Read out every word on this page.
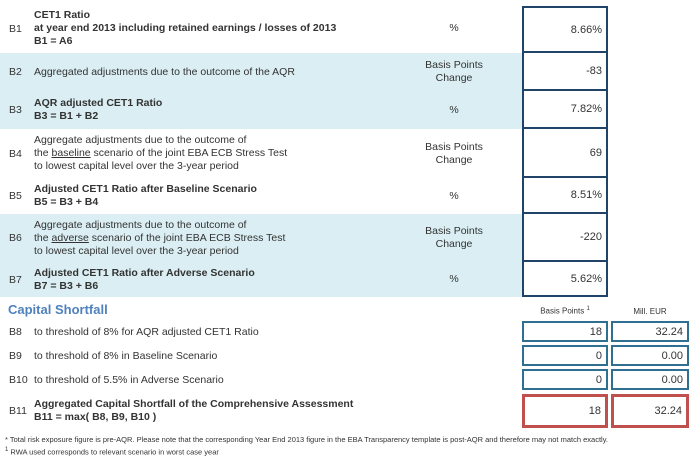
B1
CET1 Ratio
at year end 2013 including retained earnings / losses of 2013
B1 = A6
%	8.66%
B2	Aggregated adjustments due to the outcome of the AQR
Basis Points
Change
-83
B3
AQR adjusted CET1 Ratio
B3 = B1 + B2
%	7.82%
B4
Aggregate adjustments due to the outcome of
the baseline scenario of the joint EBA ECB Stress Test
to lowest capital level over the 3-year period
Basis Points
Change
69
B5
Adjusted CET1 Ratio after Baseline Scenario
B5 = B3 + B4
%	8.51%
B6
Aggregate adjustments due to the outcome of
the adverse scenario of the joint EBA ECB Stress Test
to lowest capital level over the 3-year period
Basis Points
Change
-220
B7
Adjusted CET1 Ratio after Adverse Scenario
B7 = B3 + B6
%	5.62%
Capital Shortfall	Basis Points $^1$	Mill. EUR
B8	to threshold of 8% for AQR adjusted CET1 Ratio	18	32.24
B9	to threshold of 8% in Baseline Scenario	0	0.00
B10 to threshold of 5.5% in Adverse Scenario	0	0.00
B11
Aggregated Capital Shortfall of the Comprehensive Assessment
B11 = max( B8, B9, B10 )	18	32.24
* Total risk exposure figure is pre-AQR. Please note that the corresponding Year End 2013 figure in the EBA Transparency template is post-AQR and therefore may not match exactly.
$^1$ RWA used corresponds to relevant scenario in worst case year
